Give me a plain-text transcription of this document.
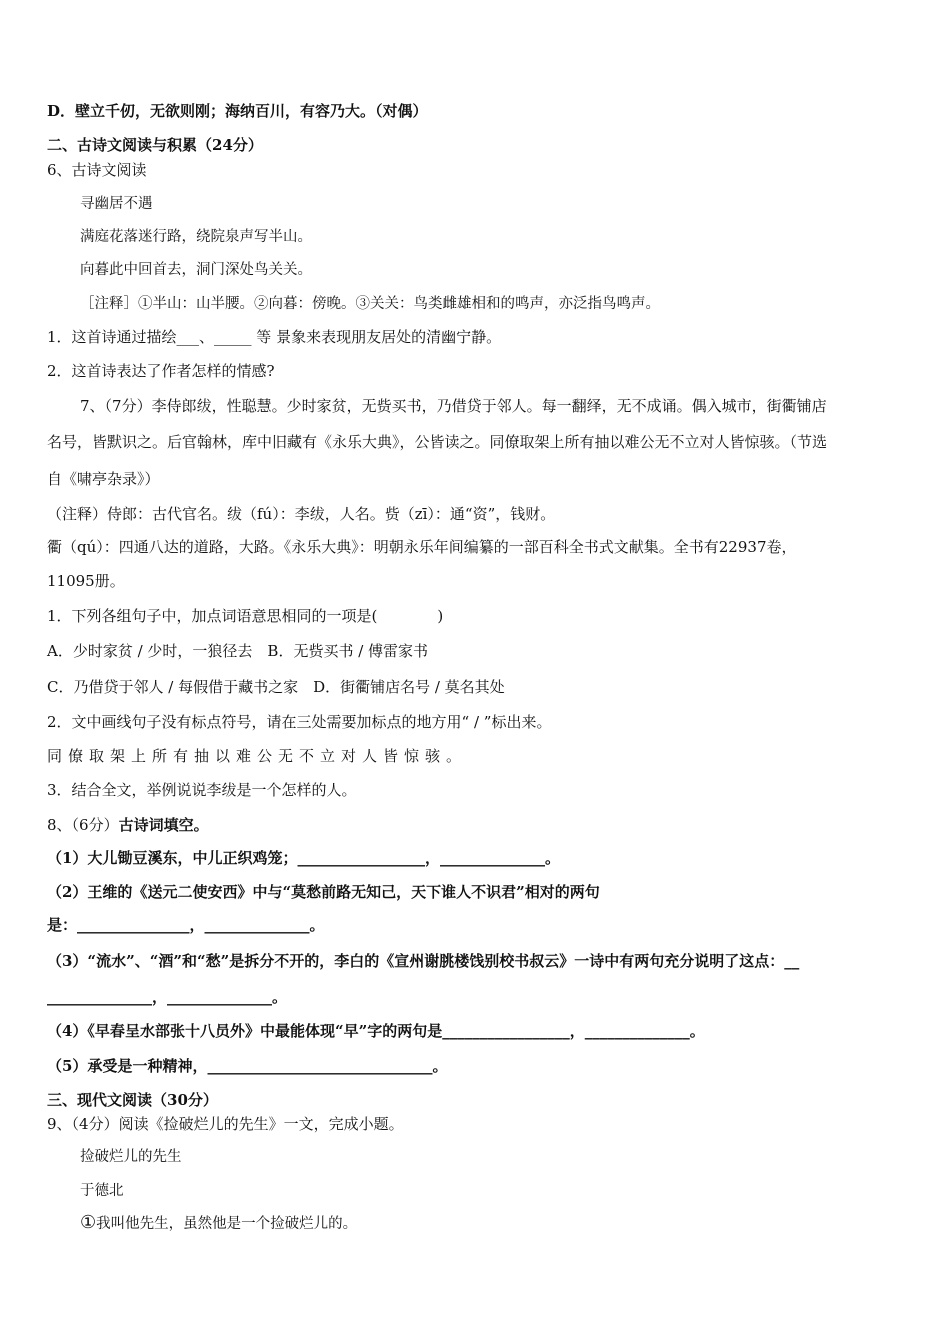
D．壁立千仞，无欲则刚；海纳百川，有容乃大。（对偶）

二、古诗文阅读与积累（24分）

6、古诗文阅读

寻幽居不遇

满庭花落迷行路，绕院泉声写半山。

向暮此中回首去，洞门深处鸟关关。

［注释］①半山：山半腰。②向暮：傍晚。③关关：鸟类雌雄相和的鸣声，亦泛指鸟鸣声。

1．这首诗通过描绘___、_____ 等 景象来表现朋友居处的清幽宁静。

2．这首诗表达了作者怎样的情感?

7、（7分）李侍郎绂，性聪慧。少时家贫，无赀买书，乃借贷于邻人。每一翻绎，无不成诵。偶入城市，街衢铺店

名号，皆默识之。后官翰林，库中旧藏有《永乐大典》，公皆读之。同僚取架上所有抽以难公无不立对人皆惊骇。（节选

自《啸亭杂录》）

（注释）侍郎：古代官名。绂（fú）：李绂，人名。赀（zī）：通“资”，钱财。

衢（qú）：四通八达的道路，大路。《永乐大典》：明朝永乐年间编纂的一部百科全书式文献集。全书有22937卷，

11095册。

1．下列各组句子中，加点词语意思相同的一项是(　　　　)

A．少时家贫 / 少时，一狼径去　B．无赀买书 / 傅雷家书

C．乃借贷于邻人 / 每假借于藏书之家　D．街衢铺店名号 / 莫名其处

2．文中画线句子没有标点符号，请在三处需要加标点的地方用“ / ”标出来。

同僚取架上所有抽以难公无不立对人皆惊骇。

3．结合全文，举例说说李绂是一个怎样的人。

8、（6分）古诗词填空。

（1）大儿锄豆溪东，中儿正织鸡笼；_________________，______________。

（2）王维的《送元二使安西》中与“莫愁前路无知己，天下谁人不识君”相对的两句

是：_______________，______________。

（3）“流水”、“酒”和“愁”是拆分不开的，李白的《宣州谢朓楼饯别校书叔云》一诗中有两句充分说明了这点：__

______________，______________。

（4）《早春呈水部张十八员外》中最能体现“早”字的两句是_________________，______________。

（5）承受是一种精神，______________________________。

三、现代文阅读（30分）

9、（4分）阅读《捡破烂儿的先生》一文，完成小题。

捡破烂儿的先生

于德北

①我叫他先生，虽然他是一个捡破烂儿的。
